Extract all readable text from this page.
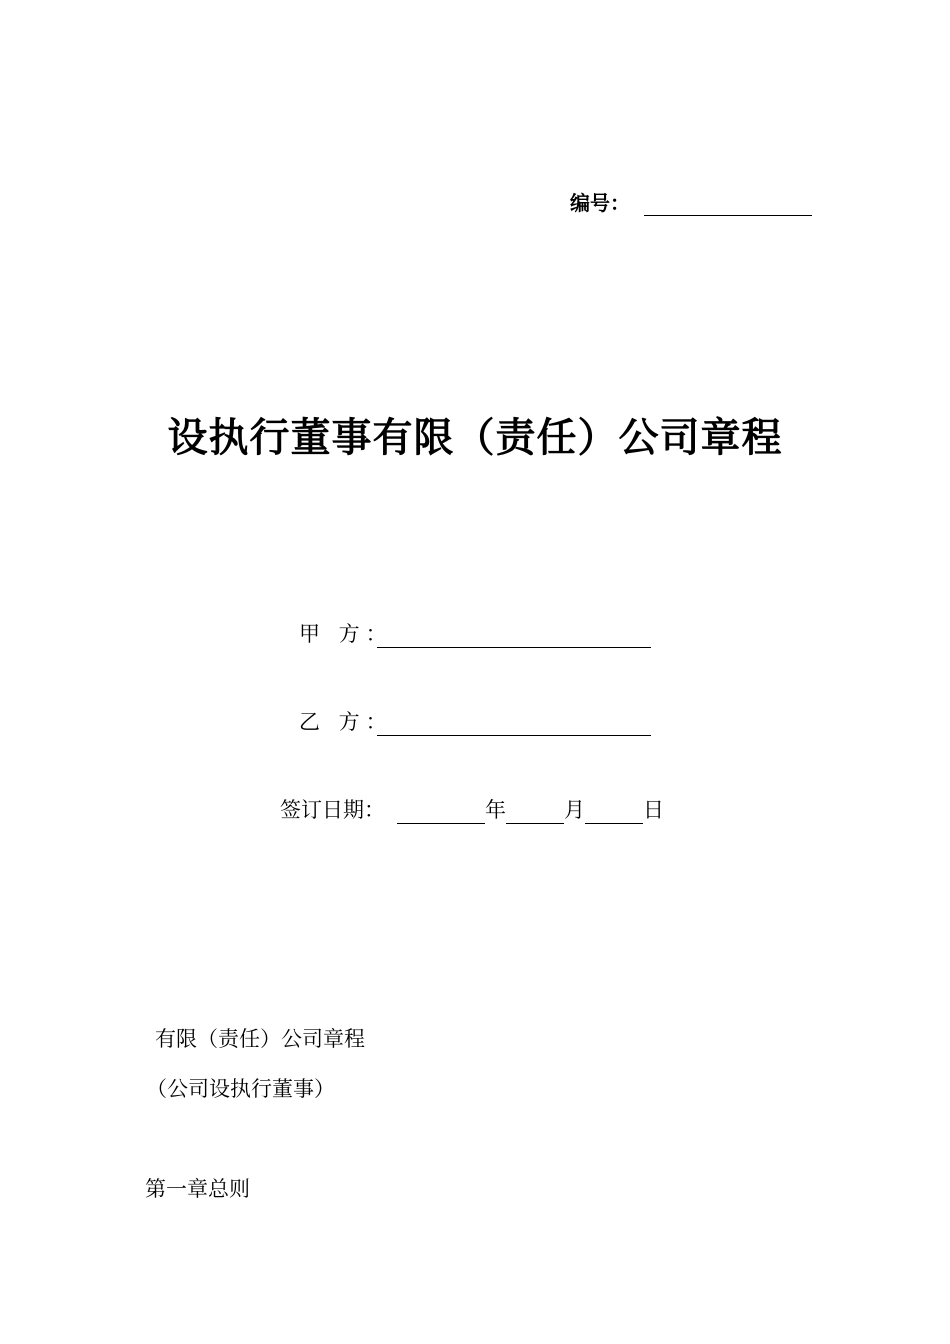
编号：
设执行董事有限（责任）公司章程
甲 方：
乙 方：
签订日期：	年	月	日
有限（责任）公司章程
（公司设执行董事）
第一章总则
